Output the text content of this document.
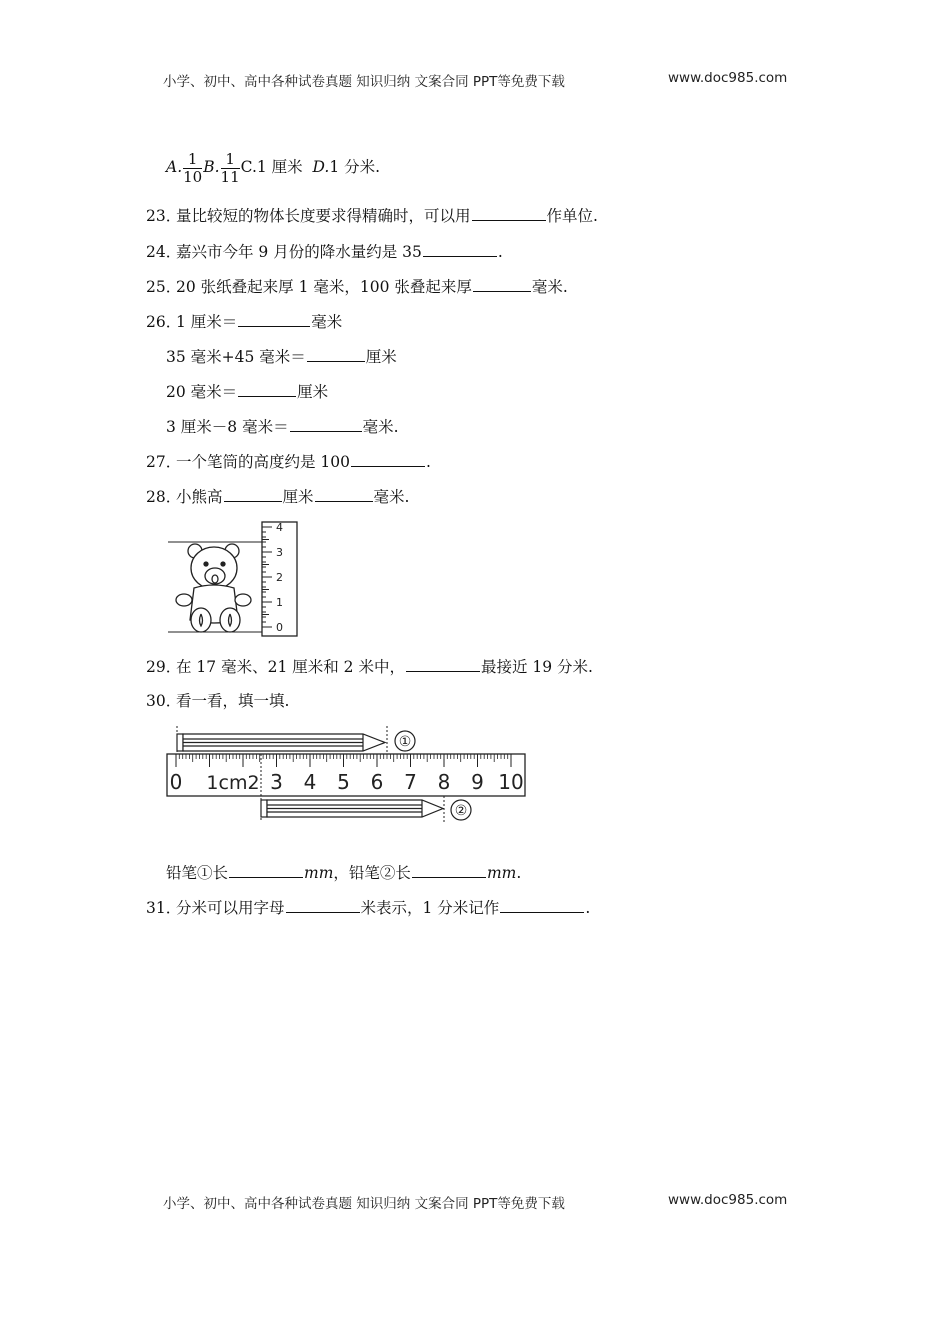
小学、初中、高中各种试卷真题 知识归纳 文案合同 PPT等免费下载	www.doc985.com
A. $\frac{1}{10} B$. $\frac{1}{11} C.1$ 厘米 D.1 分米.
23．量比较短的物体长度要求得精确时，可以用	作单位.
24．嘉兴市今年 9 月份的降水量约是 35	.
25．20 张纸叠起来厚 1 毫米，100 张叠起来厚	毫米.
26．1 厘米＝	毫米
35 毫米+45 毫米＝	厘米
20 毫米＝	厘米
3 厘米－8 毫米＝	毫米.
27．一个笔筒的高度约是 100	.
28．小熊高	厘米	毫米.
4
3
2
1
0
29．在 17 毫米、21 厘米和 2 米中，	最接近 19 分米.
30．看一看，填一填.
①
0 1cm2 3 4 5 6 7 8 9 10
②
铅笔①长	mm，铅笔②长	mm.
31．分米可以用字母	米表示，1 分米记作	.
小学、初中、高中各种试卷真题 知识归纳 文案合同 PPT等免费下载	www.doc985.com
